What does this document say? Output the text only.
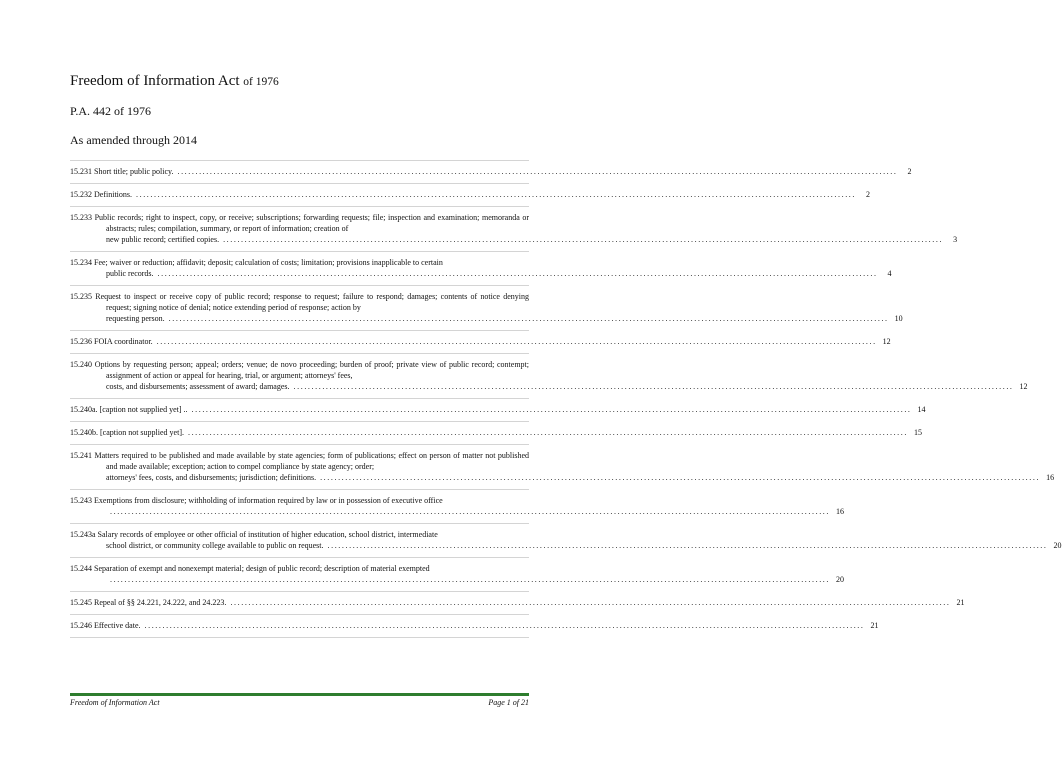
Freedom of Information Act of 1976
P.A. 442 of 1976
As amended through 2014
15.231 Short title; public policy. ........................................................................................................................................................................................................	2
15.232 Definitions. ........................................................................................................................................................................................................	2
15.233 Public records; right to inspect, copy, or receive; subscriptions; forwarding requests; file; inspection and examination; memoranda or abstracts; rules; compilation, summary, or report of information; creation of
new public record; certified copies. ........................................................................................................................................................................................................	3
15.234 Fee; waiver or reduction; affidavit; deposit; calculation of costs; limitation; provisions inapplicable to certain
public records. ........................................................................................................................................................................................................	4
15.235 Request to inspect or receive copy of public record; response to request; failure to respond; damages; contents of notice denying request; signing notice of denial; notice extending period of response; action by
requesting person. ........................................................................................................................................................................................................ 10
15.236 FOIA coordinator. ........................................................................................................................................................................................................ 12
15.240 Options by requesting person; appeal; orders; venue; de novo proceeding; burden of proof; private view of public record; contempt; assignment of action or appeal for hearing, trial, or argument; attorneys' fees,
costs, and disbursements; assessment of award; damages. ........................................................................................................................................................................................................ 12
15.240a. [caption not supplied yet] .. ........................................................................................................................................................................................................ 14
15.240b. [caption not supplied yet]. ........................................................................................................................................................................................................ 15
15.241 Matters required to be published and made available by state agencies; form of publications; effect on person of matter not published and made available; exception; action to compel compliance by state agency; order;
attorneys' fees, costs, and disbursements; jurisdiction; definitions. ........................................................................................................................................................................................................ 16
15.243 Exemptions from disclosure; withholding of information required by law or in possession of executive office
........................................................................................................................................................................................................ 16
15.243a Salary records of employee or other official of institution of higher education, school district, intermediate
school district, or community college available to public on request. ........................................................................................................................................................................................................ 20
15.244 Separation of exempt and nonexempt material; design of public record; description of material exempted
........................................................................................................................................................................................................ 20
15.245 Repeal of §§ 24.221, 24.222, and 24.223. ........................................................................................................................................................................................................ 21
15.246 Effective date. ........................................................................................................................................................................................................ 21
Freedom of Information Act	Page 1 of 21
